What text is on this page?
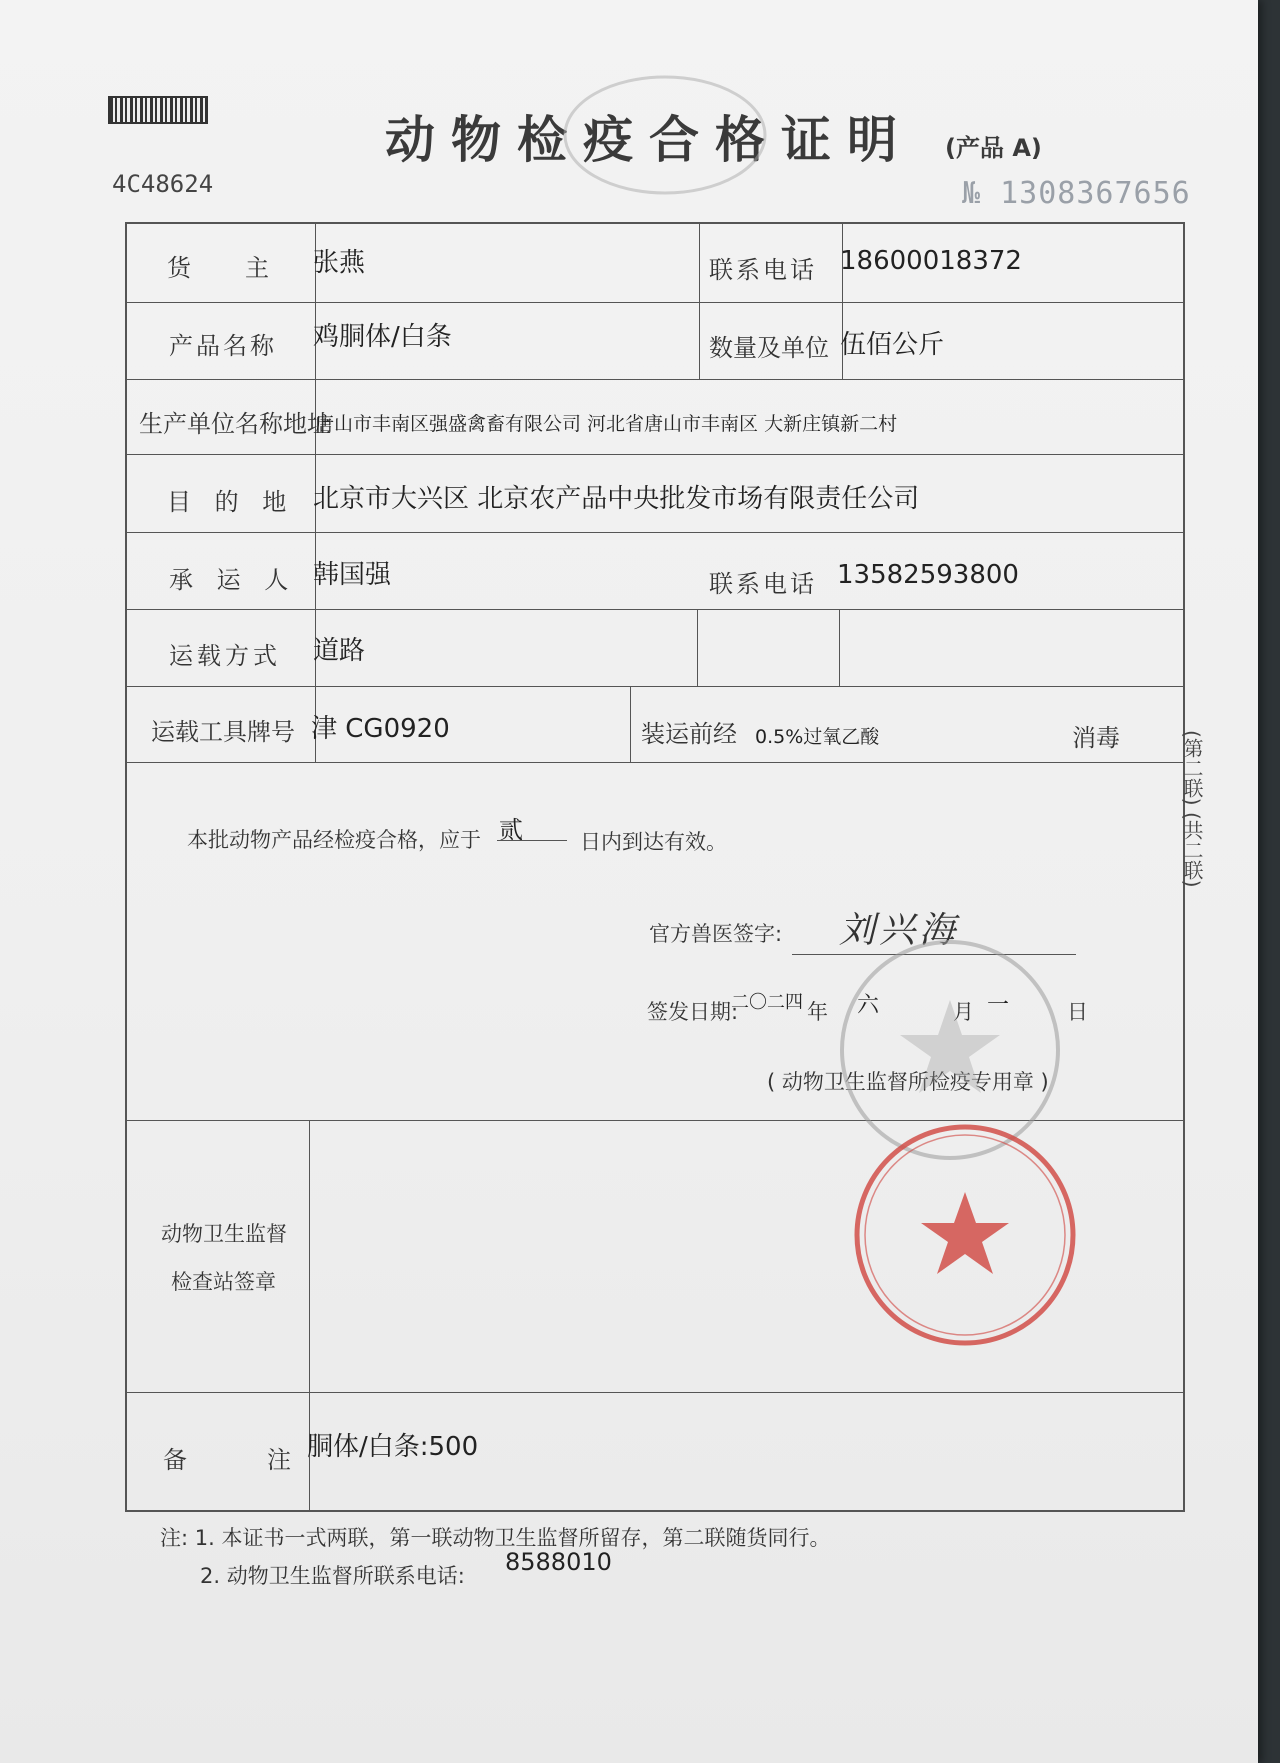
4C48624
动物检疫合格证明 (产品 A)
№ 1308367656
货　　主 张燕	联系电话 18600018372
产品名称 鸡胴体/白条	数量及单位 伍佰公斤
生产单位名称地址
唐山市丰南区强盛禽畜有限公司 河北省唐山市丰南区 大新庄镇新二村
目 的 地 北京市大兴区 北京农产品中央批发市场有限责任公司
承 运 人 韩国强	联系电话 13582593800
运载方式 道路
运载工具牌号 津 CG0920	装运前经 0.5%过氧乙酸	消毒
本批动物产品经检疫合格，应于 贰	日内到达有效。
官方兽医签字: 刘兴海
签发日期:
二〇二四 年 六	月 一	日
( 动物卫生监督所检疫专用章 )
动物卫生监督
检查站签章
备	注 胴体/白条:500
(第二联) (共二联)
注: 1. 本证书一式两联，第一联动物卫生监督所留存，第二联随货同行。
2. 动物卫生监督所联系电话: 8588010
